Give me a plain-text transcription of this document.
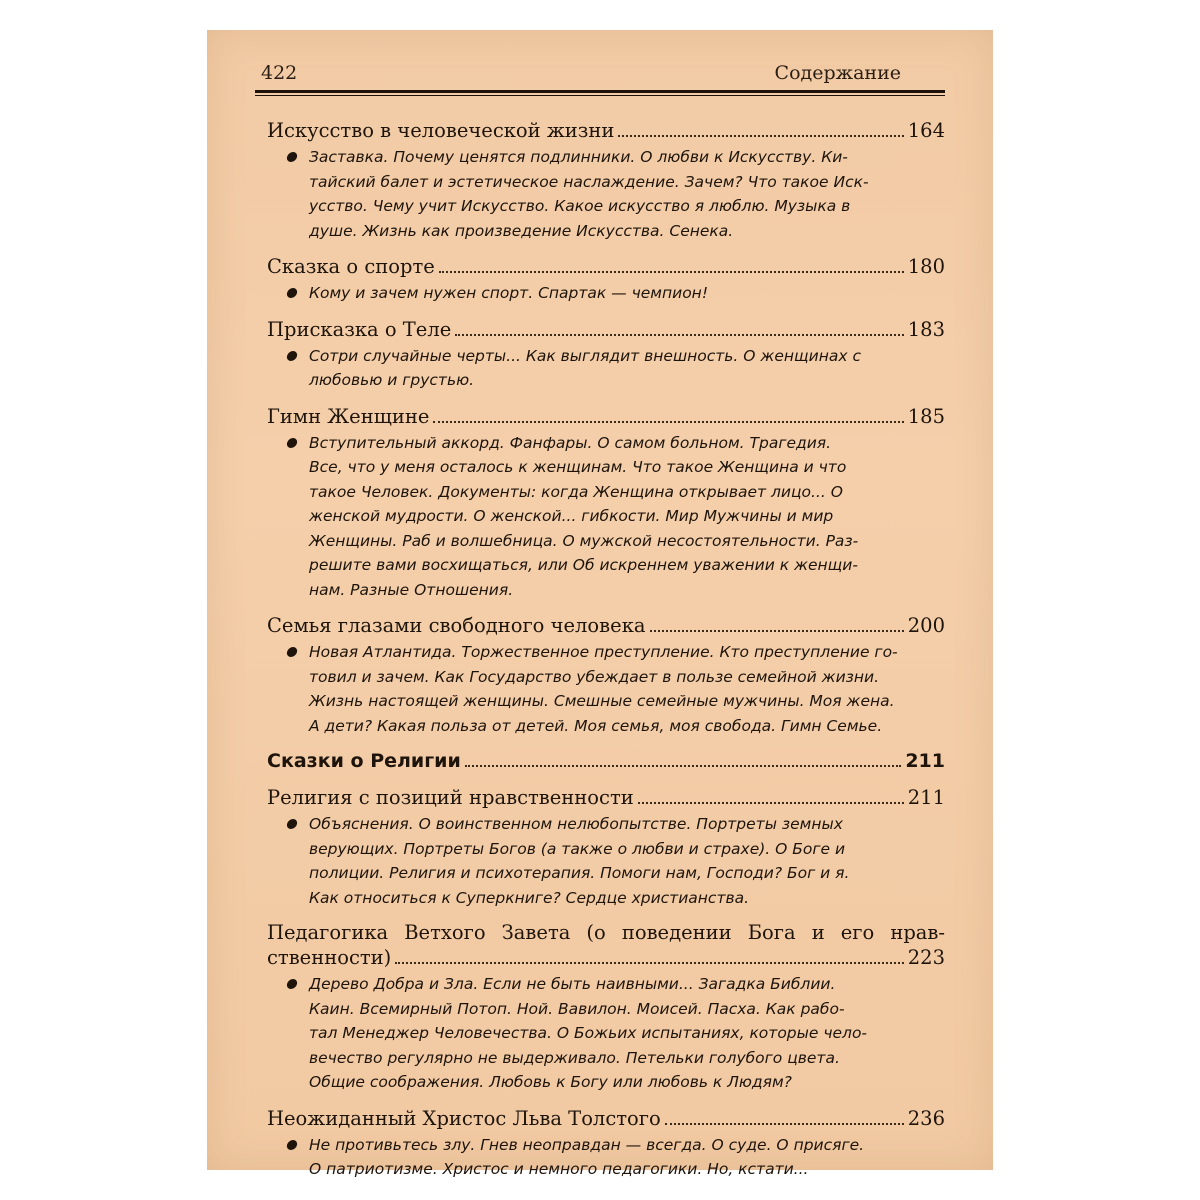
422	Содержание
Искусство в человеческой жизни	164
Заставка. Почему ценятся подлинники. О любви к Искусству. Ки-
тайский балет и эстетическое наслаждение. Зачем? Что такое Иск-
усство. Чему учит Искусство. Какое искусство я люблю. Музыка в
душе. Жизнь как произведение Искусства. Сенека.
Сказка о спорте	180
Кому и зачем нужен спорт. Спартак — чемпион!
Присказка о Теле	183
Сотри случайные черты... Как выглядит внешность. О женщинах с
любовью и грустью.
Гимн Женщине	185
Вступительный аккорд. Фанфары. О самом больном. Трагедия.
Все, что у меня осталось к женщинам. Что такое Женщина и что
такое Человек. Документы: когда Женщина открывает лицо... О
женской мудрости. О женской... гибкости. Мир Мужчины и мир
Женщины. Раб и волшебница. О мужской несостоятельности. Раз-
решите вами восхищаться, или Об искреннем уважении к женщи-
нам. Разные Отношения.
Семья глазами свободного человека	200
Новая Атлантида. Торжественное преступление. Кто преступление го-
товил и зачем. Как Государство убеждает в пользе семейной жизни.
Жизнь настоящей женщины. Смешные семейные мужчины. Моя жена.
А дети? Какая польза от детей. Моя семья, моя свобода. Гимн Семье.
Сказки о Религии	211
Религия с позиций нравственности	211
Объяснения. О воинственном нелюбопытстве. Портреты земных
верующих. Портреты Богов (а также о любви и страхе). О Боге и
полиции. Религия и психотерапия. Помоги нам, Господи? Бог и я.
Как относиться к Суперкниге? Сердце христианства.
Педагогика Ветхого Завета (о поведении Бога и его нрав-
ственности)	223
Дерево Добра и Зла. Если не быть наивными... Загадка Библии.
Каин. Всемирный Потоп. Ной. Вавилон. Моисей. Пасха. Как рабо-
тал Менеджер Человечества. О Божьих испытаниях, которые чело-
вечество регулярно не выдерживало. Петельки голубого цвета.
Общие соображения. Любовь к Богу или любовь к Людям?
Неожиданный Христос Льва Толстого	236
Не противьтесь злу. Гнев неоправдан — всегда. О суде. О присяге.
О патриотизме. Христос и немного педагогики. Но, кстати...
